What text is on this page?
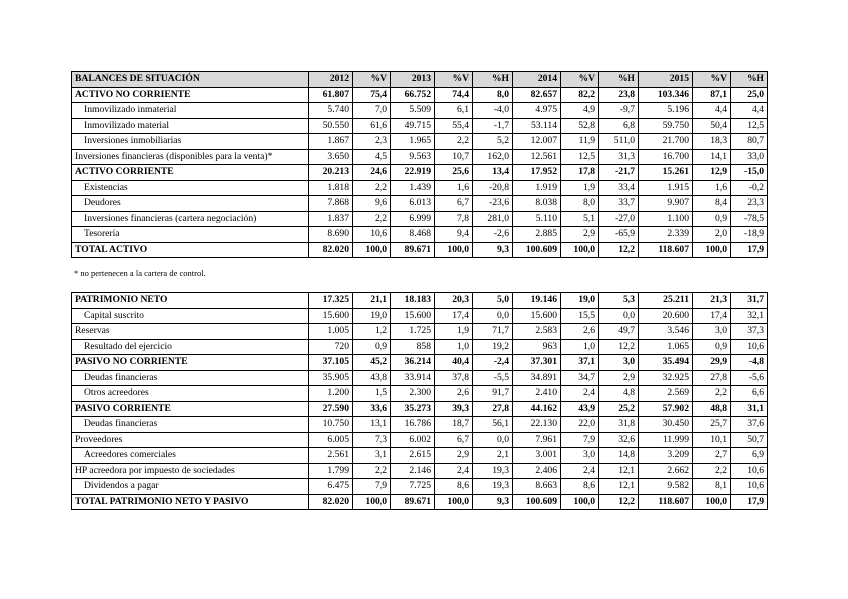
BALANCES DE SITUACIÓN	2012	%V	2013	%V	%H	2014	%V	%H	2015	%V	%H
ACTIVO NO CORRIENTE	61.807	75,4	66.752	74,4	8,0	82.657	82,2	23,8	103.346	87,1	25,0
Inmovilizado inmaterial	5.740	7,0	5.509	6,1	-4,0	4.975	4,9	-9,7	5.196	4,4	4,4
Inmovilizado material	50.550	61,6	49.715	55,4	-1,7	53.114	52,8	6,8	59.750	50,4	12,5
Inversiones inmobiliarias	1.867	2,3	1.965	2,2	5,2	12.007	11,9	511,0	21.700	18,3	80,7
Inversiones financieras (disponibles para la venta)*	3.650	4,5	9.563	10,7	162,0	12.561	12,5	31,3	16.700	14,1	33,0
ACTIVO CORRIENTE	20.213	24,6	22.919	25,6	13,4	17.952	17,8	-21,7	15.261	12,9	-15,0
Existencias	1.818	2,2	1.439	1,6	-20,8	1.919	1,9	33,4	1.915	1,6	-0,2
Deudores	7.868	9,6	6.013	6,7	-23,6	8.038	8,0	33,7	9.907	8,4	23,3
Inversiones financieras (cartera negociación)	1.837	2,2	6.999	7,8	281,0	5.110	5,1	-27,0	1.100	0,9	-78,5
Tesorería	8.690	10,6	8.468	9,4	-2,6	2.885	2,9	-65,9	2.339	2,0	-18,9
TOTAL ACTIVO	82.020	100,0	89.671	100,0	9,3	100.609	100,0	12,2	118.607	100,0	17,9
* no pertenecen a la cartera de control.
PATRIMONIO NETO	17.325	21,1	18.183	20,3	5,0	19.146	19,0	5,3	25.211	21,3	31,7
Capital suscrito	15.600	19,0	15.600	17,4	0,0	15.600	15,5	0,0	20.600	17,4	32,1
Reservas	1.005	1,2	1.725	1,9	71,7	2.583	2,6	49,7	3.546	3,0	37,3
Resultado del ejercicio	720	0,9	858	1,0	19,2	963	1,0	12,2	1.065	0,9	10,6
PASIVO NO CORRIENTE	37.105	45,2	36.214	40,4	-2,4	37.301	37,1	3,0	35.494	29,9	-4,8
Deudas financieras	35.905	43,8	33.914	37,8	-5,5	34.891	34,7	2,9	32.925	27,8	-5,6
Otros acreedores	1.200	1,5	2.300	2,6	91,7	2.410	2,4	4,8	2.569	2,2	6,6
PASIVO CORRIENTE	27.590	33,6	35.273	39,3	27,8	44.162	43,9	25,2	57.902	48,8	31,1
Deudas financieras	10.750	13,1	16.786	18,7	56,1	22.130	22,0	31,8	30.450	25,7	37,6
Proveedores	6.005	7,3	6.002	6,7	0,0	7.961	7,9	32,6	11.999	10,1	50,7
Acreedores comerciales	2.561	3,1	2.615	2,9	2,1	3.001	3,0	14,8	3.209	2,7	6,9
HP acreedora por impuesto de sociedades	1.799	2,2	2.146	2,4	19,3	2.406	2,4	12,1	2.662	2,2	10,6
Dividendos a pagar	6.475	7,9	7.725	8,6	19,3	8.663	8,6	12,1	9.582	8,1	10,6
TOTAL PATRIMONIO NETO Y PASIVO	82.020	100,0	89.671	100,0	9,3	100.609	100,0	12,2	118.607	100,0	17,9
